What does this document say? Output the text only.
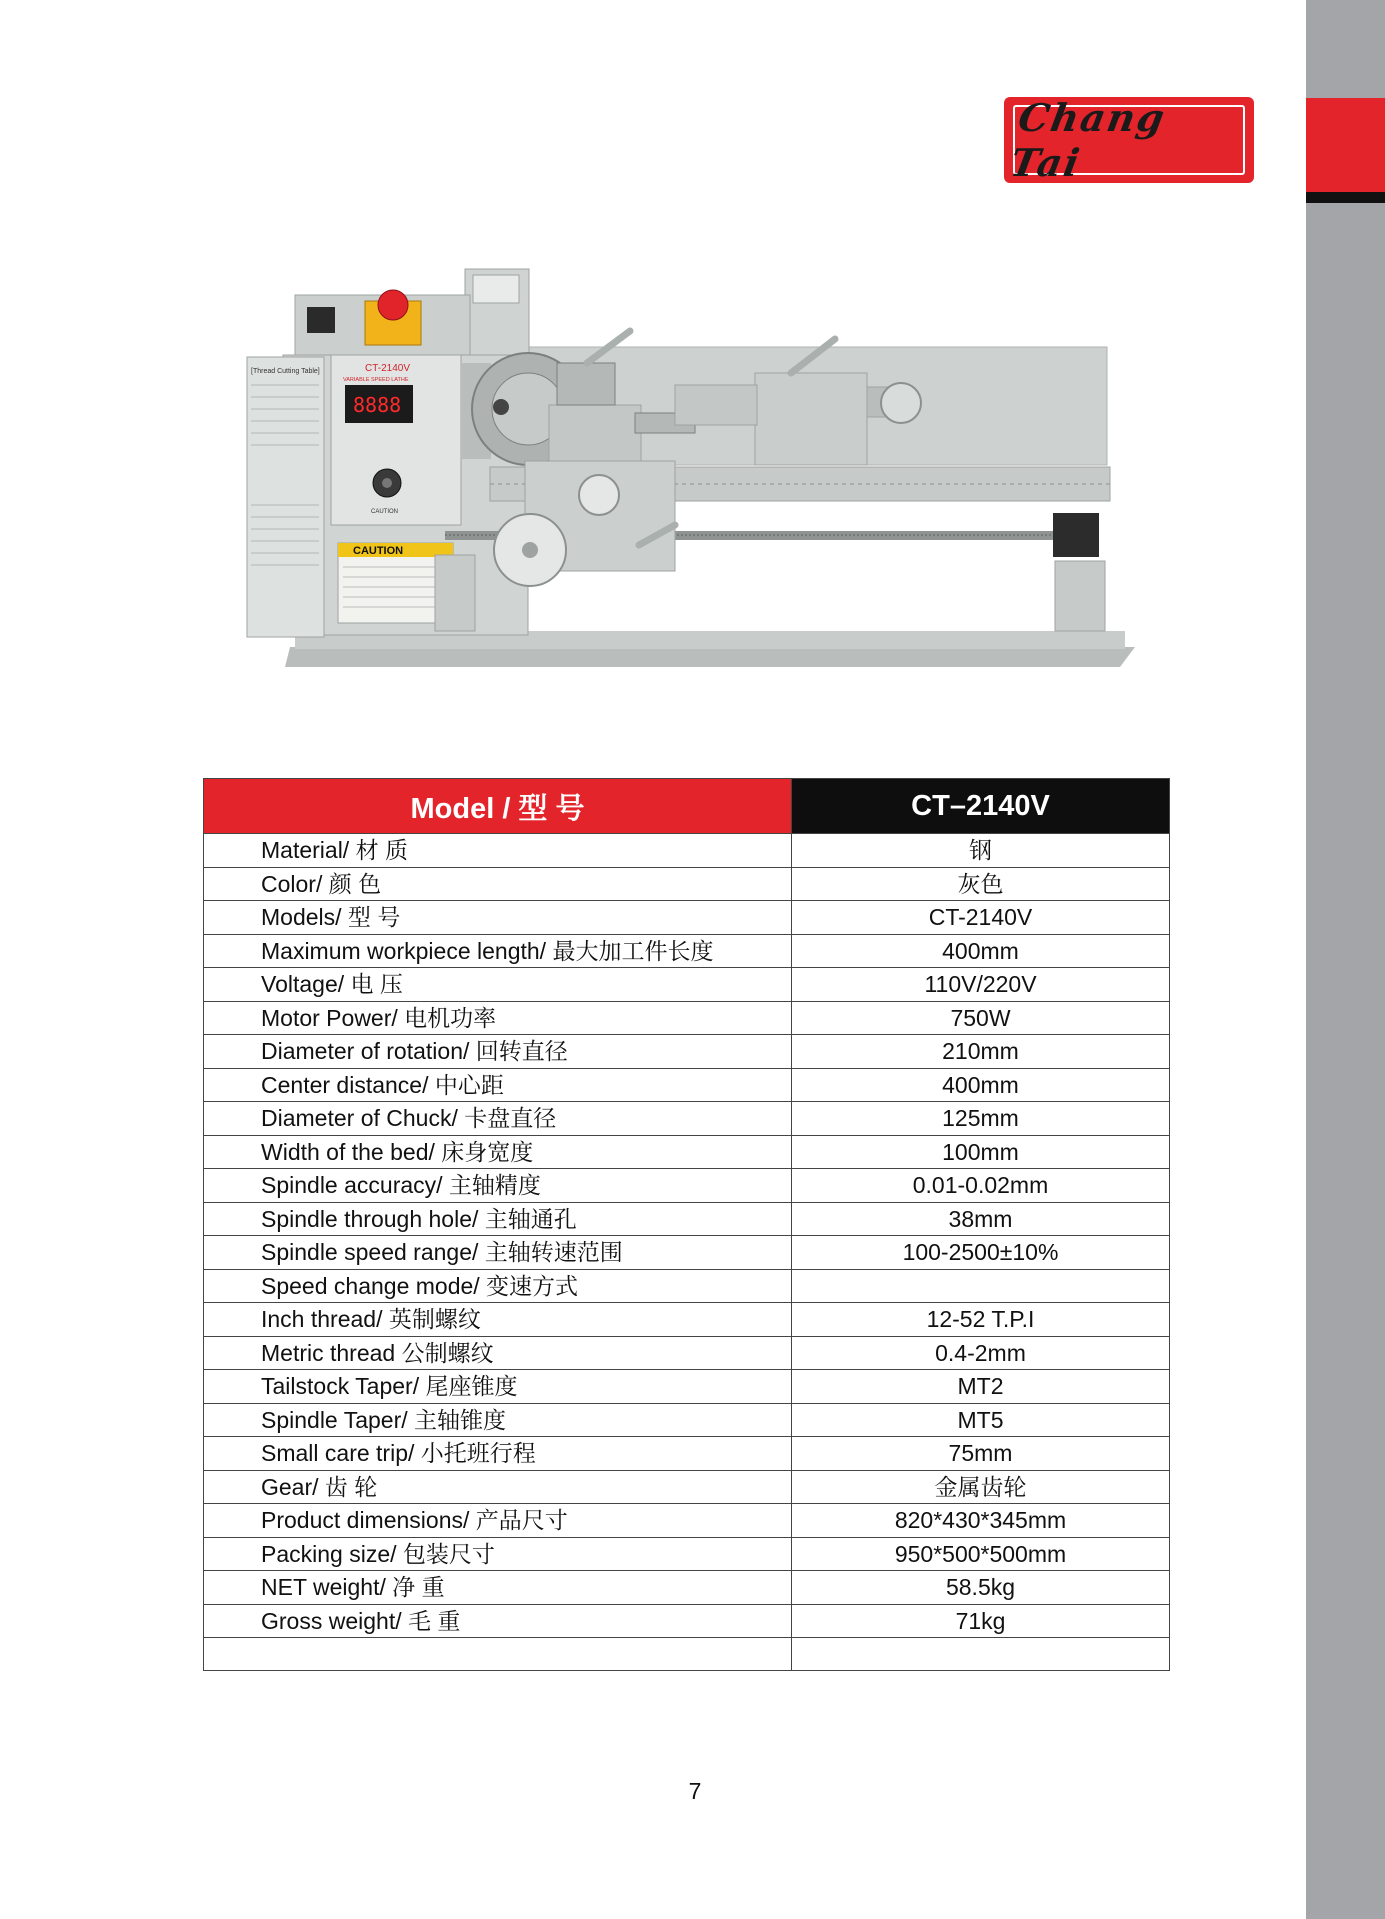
Chang Tai
[Thread Cutting Table]	CT-2140V
VARIABLE SPEED LATHE
8888
CAUTION
CAUTION
Model / 型 号	CT–2140V
Material/ 材 质	钢
Color/ 颜 色	灰色
Models/ 型 号	CT-2140V
Maximum workpiece length/ 最大加工件长度	400mm
Voltage/ 电 压	110V/220V
Motor Power/ 电机功率	750W
Diameter of rotation/ 回转直径	210mm
Center distance/ 中心距	400mm
Diameter of Chuck/ 卡盘直径	125mm
Width of the bed/ 床身宽度	100mm
Spindle accuracy/ 主轴精度	0.01-0.02mm
Spindle through hole/ 主轴通孔	38mm
Spindle speed range/ 主轴转速范围	100-2500±10%
Speed change mode/ 变速方式	
Inch thread/ 英制螺纹	12-52 T.P.I
Metric thread 公制螺纹	0.4-2mm
Tailstock Taper/ 尾座锥度	MT2
Spindle Taper/ 主轴锥度	MT5
Small care trip/ 小托班行程	75mm
Gear/ 齿 轮	金属齿轮
Product dimensions/ 产品尺寸	820*430*345mm
Packing size/ 包装尺寸	950*500*500mm
NET weight/ 净 重	58.5kg
Gross weight/ 毛 重	71kg

7
